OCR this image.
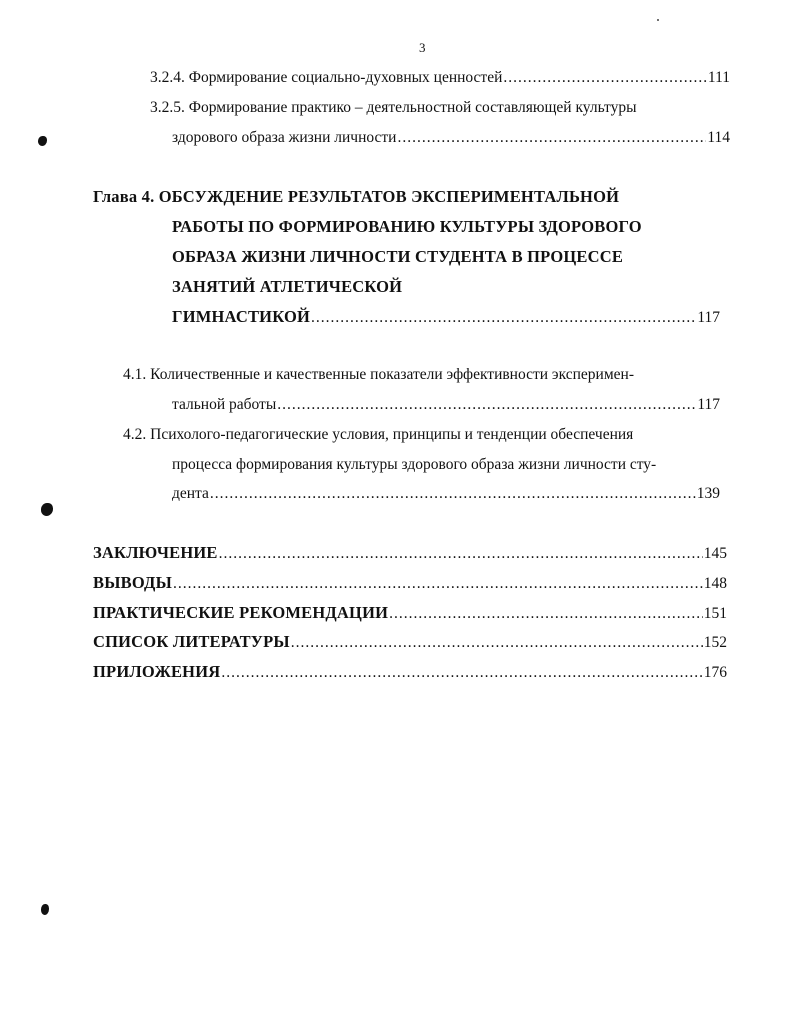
3
3.2.4. Формирование социально-духовных ценностей .....	111
3.2.5. Формирование практико – деятельностной составляющей культуры
здорового образа жизни личности .....	114
Глава 4. ОБСУЖДЕНИЕ РЕЗУЛЬТАТОВ ЭКСПЕРИМЕНТАЛЬНОЙ
РАБОТЫ ПО ФОРМИРОВАНИЮ КУЛЬТУРЫ ЗДОРОВОГО
ОБРАЗА ЖИЗНИ ЛИЧНОСТИ СТУДЕНТА В ПРОЦЕССЕ
ЗАНЯТИЙ АТЛЕТИЧЕСКОЙ
ГИМНАСТИКОЙ .....	117
4.1. Количественные и качественные показатели эффективности эксперимен-
тальной работы .....	117
4.2. Психолого-педагогические условия, принципы и тенденции обеспечения
процесса формирования культуры здорового образа жизни личности сту-
дента .....	139
ЗАКЛЮЧЕНИЕ .....	145
ВЫВОДЫ .....	148
ПРАКТИЧЕСКИЕ РЕКОМЕНДАЦИИ .....	151
СПИСОК ЛИТЕРАТУРЫ .....	152
ПРИЛОЖЕНИЯ .....	176
